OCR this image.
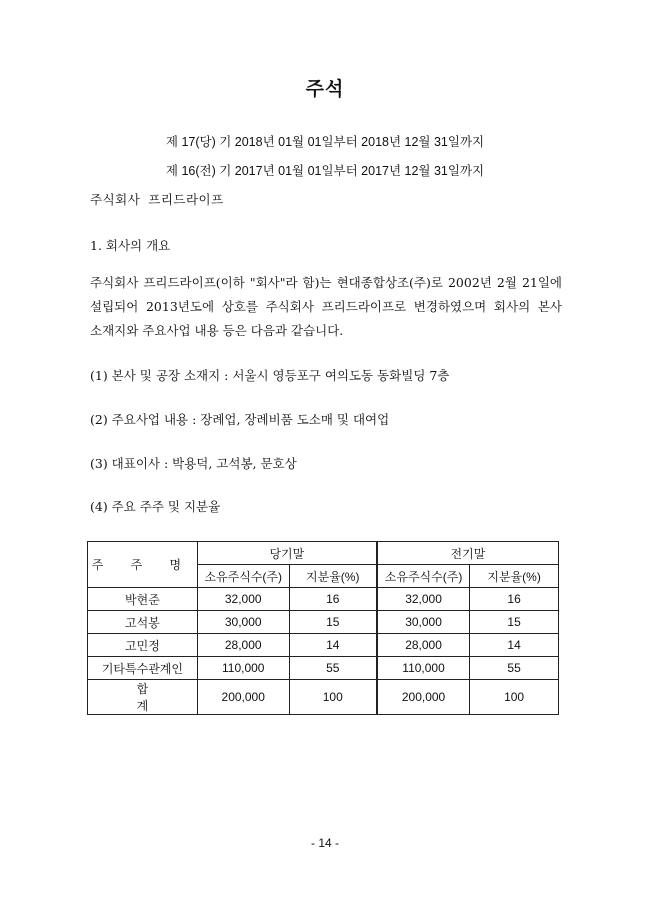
주석
제 17(당) 기 2018년 01월 01일부터 2018년 12월 31일까지
제 16(전) 기 2017년 01월 01일부터 2017년 12월 31일까지
주식회사  프리드라이프
1. 회사의 개요
주식회사 프리드라이프(이하 "회사"라 함)는 현대종합상조(주)로 2002년 2월 21일에
설립되어 2013년도에 상호를 주식회사 프리드라이프로 변경하였으며 회사의 본사
소재지와 주요사업 내용 등은 다음과 같습니다.
(1) 본사 및 공장 소재지 : 서울시 영등포구 여의도동 동화빌딩 7층
(2) 주요사업 내용 : 장례업, 장례비품 도소매 및 대여업
(3) 대표이사 : 박용덕, 고석봉, 문호상
(4) 주요 주주 및 지분율
주 주 명	당기말		전기말	
	소유주식수(주)	지분율(%)	소유주식수(주)	지분율(%)
박현준	32,000	16	32,000	16
고석봉	30,000	15	30,000	15
고민정	28,000	14	28,000	14
기타특수관계인	110,000	55	110,000	55
합 계	200,000	100	200,000	100
- 14 -
